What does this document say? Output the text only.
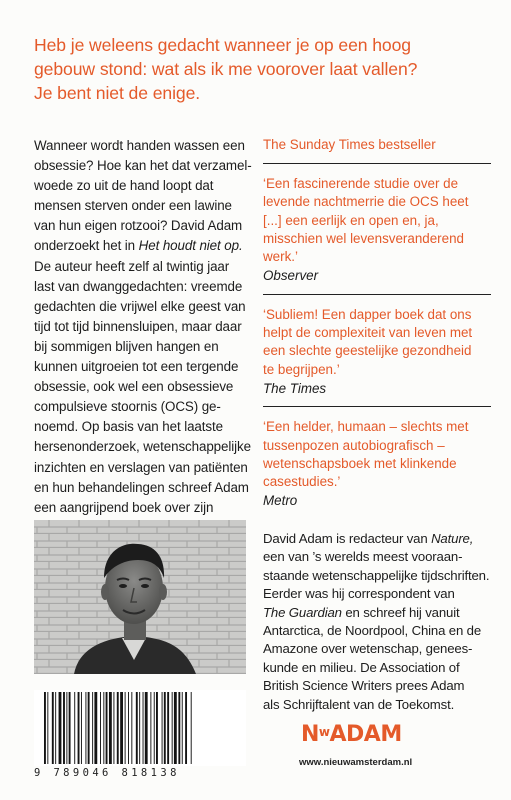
Heb je weleens gedacht wanneer je op een hoog
gebouw stond: wat als ik me voorover laat vallen?
Je bent niet de enige.
Wanneer wordt handen wassen een
obsessie? Hoe kan het dat verzamel-
woede zo uit de hand loopt dat
mensen sterven onder een lawine
van hun eigen rotzooi? David Adam
onderzoekt het in Het houdt niet op.
De auteur heeft zelf al twintig jaar
last van dwanggedachten: vreemde
gedachten die vrijwel elke geest van
tijd tot tijd binnensluipen, maar daar
bij sommigen blijven hangen en
kunnen uitgroeien tot een tergende
obsessie, ook wel een obsessieve
compulsieve stoornis (OCS) ge-
noemd. Op basis van het laatste
hersenonderzoek, wetenschappelijke
inzichten en verslagen van patiënten
en hun behandelingen schreef Adam
een aangrijpend boek over zijn
The Sunday Times bestseller
‘Een fascinerende studie over de
levende nachtmerrie die OCS heet
[...] een eerlijk en open en, ja,
misschien wel levensveranderend
werk.’
Observer
‘Subliem! Een dapper boek dat ons
helpt de complexiteit van leven met
een slechte geestelijke gezondheid
te begrijpen.’
The Times
‘Een helder, humaan – slechts met
tussenpozen autobiografisch –
wetenschapsboek met klinkende
casestudies.’
Metro
David Adam is redacteur van Nature,
een van ’s werelds meest vooraan-
staande wetenschappelijke tijdschriften.
Eerder was hij correspondent van
The Guardian en schreef hij vanuit
Antarctica, de Noordpool, China en de
Amazone over wetenschap, genees-
kunde en milieu. De Association of
British Science Writers prees Adam
als Schrijftalent van de Toekomst.
9 789046 818138
$N^wADAM$
www.nieuwamsterdam.nl
